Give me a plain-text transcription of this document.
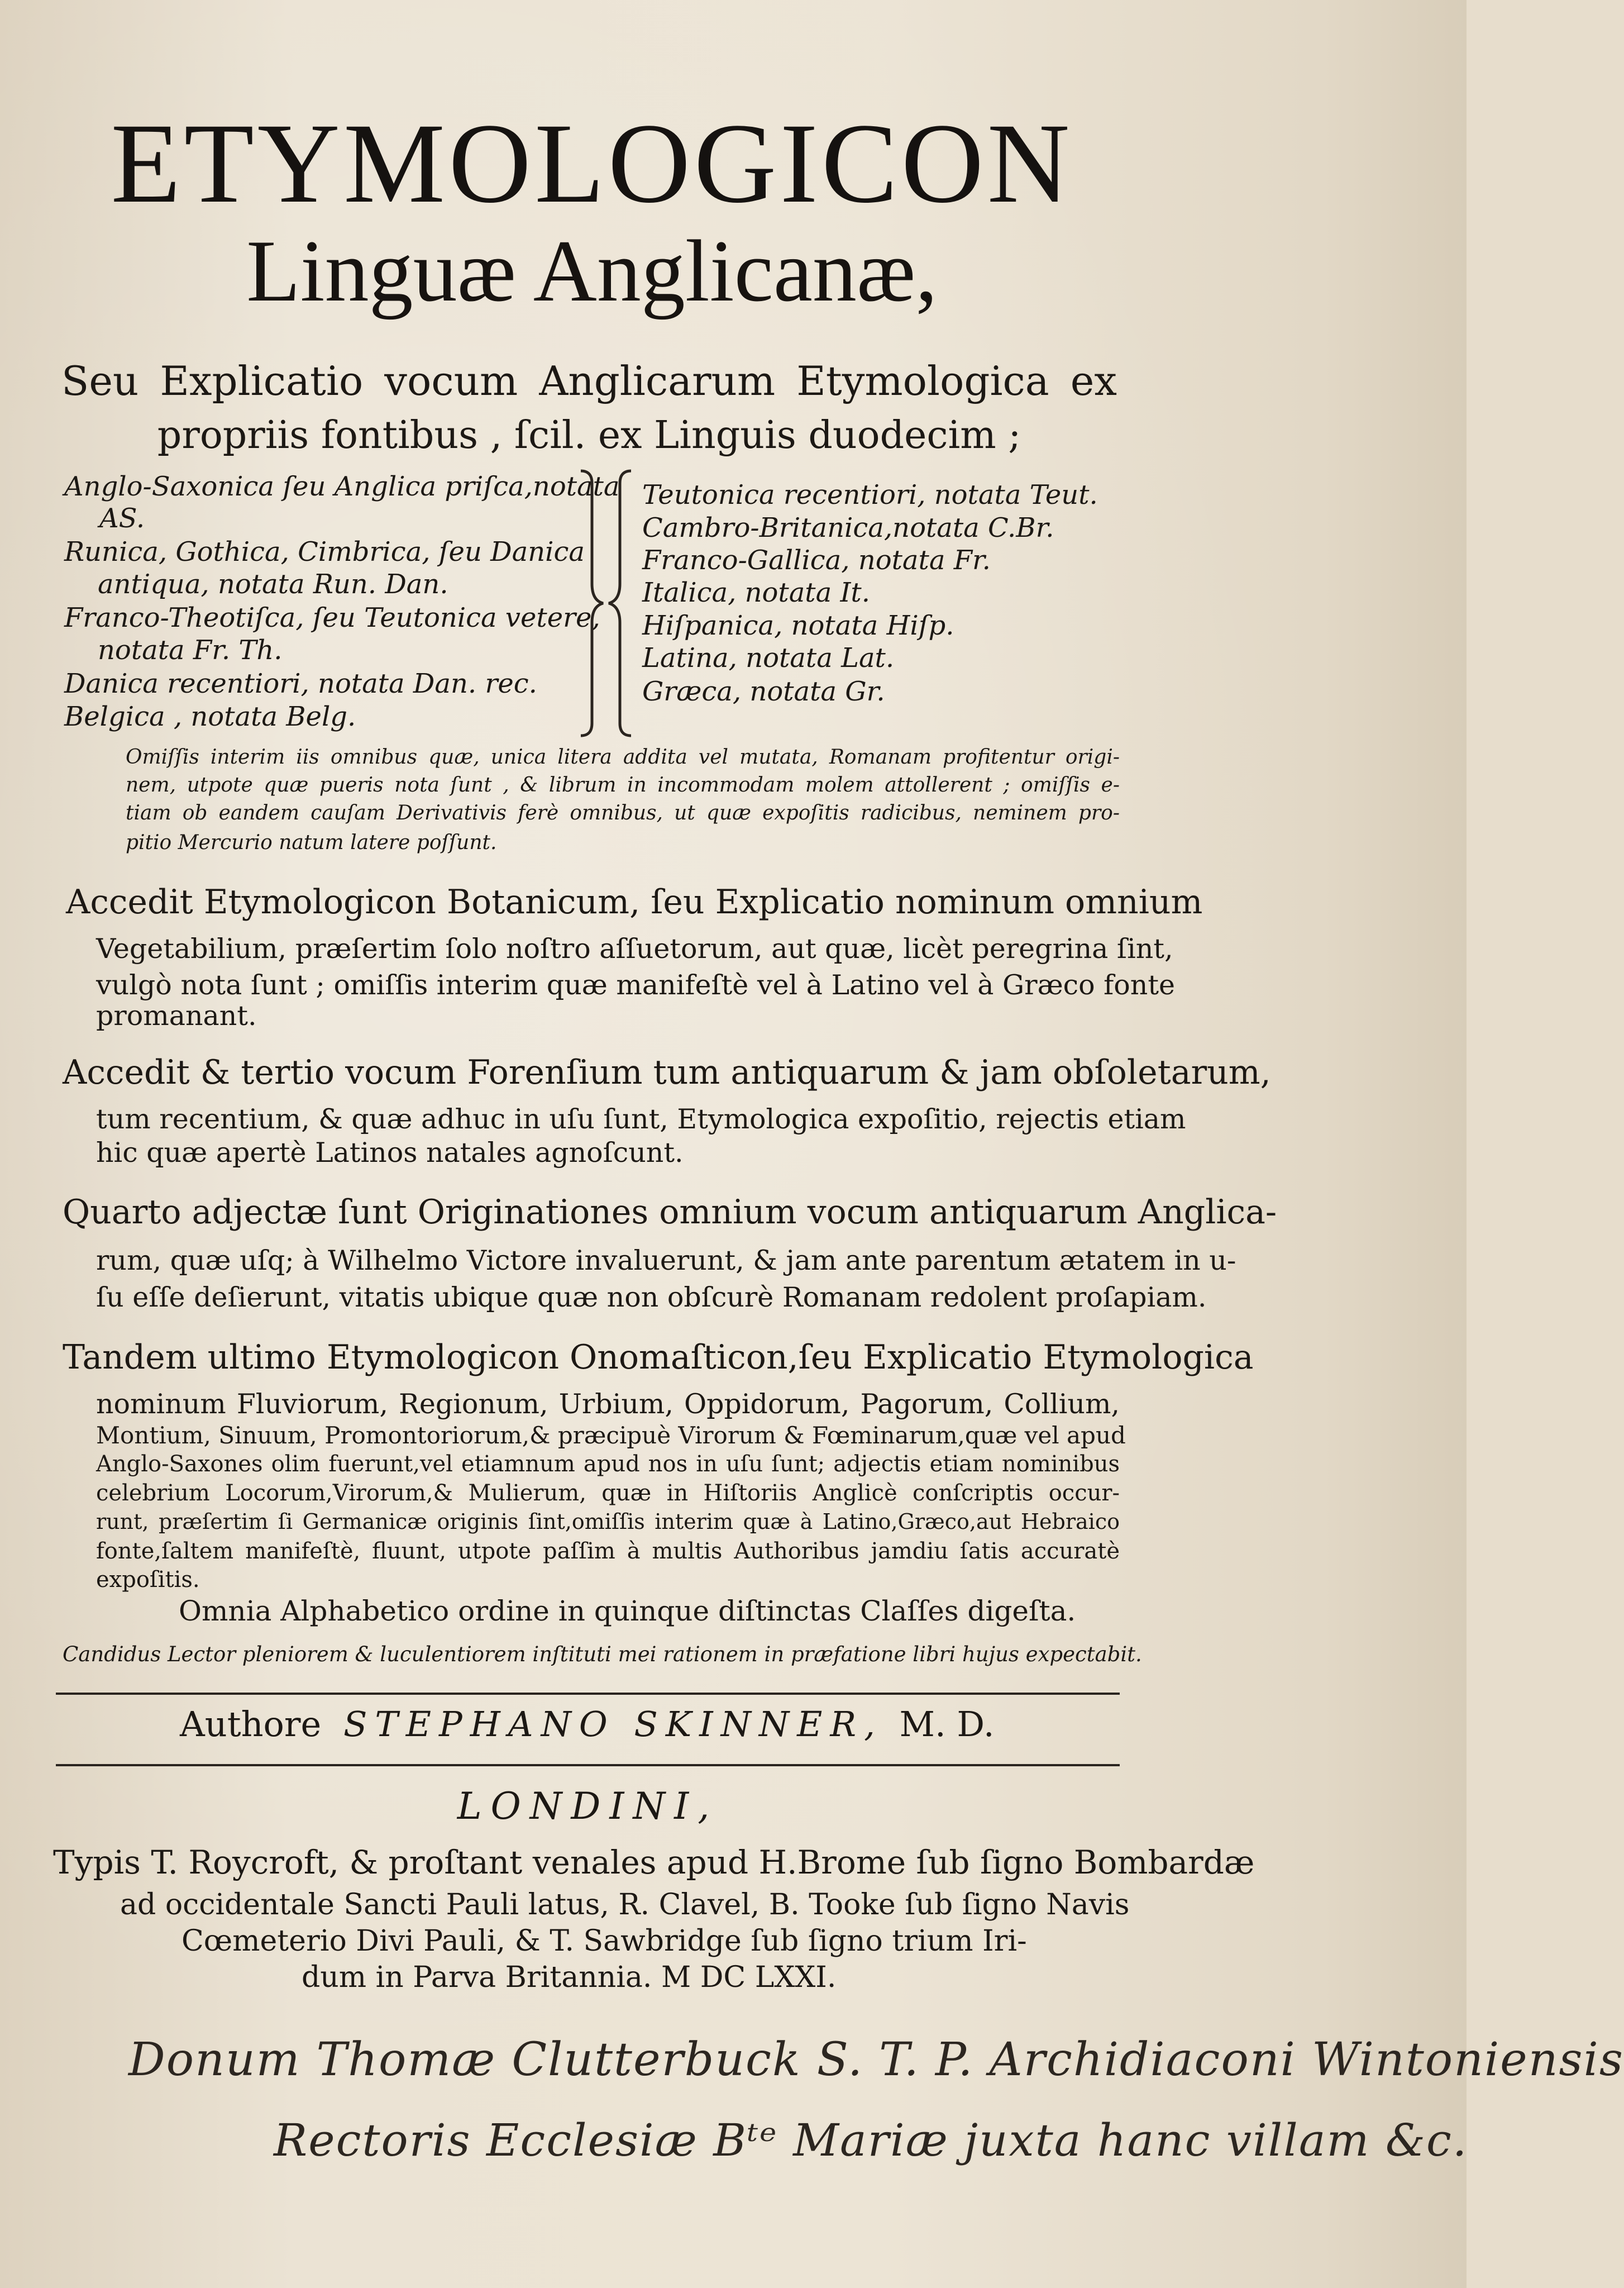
ETYMOLOGICON
Linguæ Anglicanæ,
Seu Explicatio vocum Anglicarum Etymologica ex
propriis fontibus , ſcil. ex Linguis duodecim ;
Anglo-Saxonica ſeu Anglica priſca,notata
AS.
Runica, Gothica, Cimbrica, ſeu Danica
antiqua, notata Run. Dan.
Franco-Theotiſca, ſeu Teutonica vetere,
notata Fr. Th.
Danica recentiori, notata Dan. rec.
Belgica , notata Belg.
Teutonica recentiori, notata Teut.
Cambro-Britanica,notata C.Br.
Franco-Gallica, notata Fr.
Italica, notata It.
Hiſpanica, notata Hiſp.
Latina, notata Lat.
Græca, notata Gr.
Omiſſis interim iis omnibus quæ, unica litera addita vel mutata, Romanam profitentur origi-
nem, utpote quæ pueris nota ſunt , & librum in incommodam molem attollerent ; omiſſis e-
tiam ob eandem cauſam Derivativis ferè omnibus, ut quæ expoſitis radicibus, neminem pro-
pitio Mercurio natum latere poſſunt.
Accedit Etymologicon Botanicum, ſeu Explicatio nominum omnium
Vegetabilium, præſertim ſolo noſtro aſſuetorum, aut quæ, licèt peregrina ſint,
vulgò nota ſunt ; omiſſis interim quæ manifeſtè vel à Latino vel à Græco fonte
promanant.
Accedit & tertio vocum Forenſium tum antiquarum & jam obſoletarum,
tum recentium, & quæ adhuc in uſu ſunt, Etymologica expoſitio, rejectis etiam
hic quæ apertè Latinos natales agnoſcunt.
Quarto adjectæ ſunt Originationes omnium vocum antiquarum Anglica-
rum, quæ uſq; à Wilhelmo Victore invaluerunt, & jam ante parentum ætatem in u-
ſu eſſe deſierunt, vitatis ubique quæ non obſcurè Romanam redolent proſapiam.
Tandem ultimo Etymologicon Onomaſticon,ſeu Explicatio Etymologica
nominum Fluviorum, Regionum, Urbium, Oppidorum, Pagorum, Collium,
Montium, Sinuum, Promontoriorum,& præcipuè Virorum & Fœminarum,quæ vel apud
Anglo-Saxones olim fuerunt,vel etiamnum apud nos in uſu ſunt; adjectis etiam nominibus
celebrium Locorum,Virorum,& Mulierum, quæ in Hiſtoriis Anglicè conſcriptis occur-
runt, præſertim ſi Germanicæ originis ſint,omiſſis interim quæ à Latino,Græco,aut Hebraico
fonte,ſaltem manifeſtè, fluunt, utpote paſſim à multis Authoribus jamdiu ſatis accuratè
expoſitis.
Omnia Alphabetico ordine in quinque diſtinctas Claſſes digeſta.
Candidus Lector pleniorem & luculentiorem inſtituti mei rationem in præfatione libri hujus expectabit.
Authore STEPHANO SKINNER, M. D.
LONDINI,
Typis T. Roycroft, & proſtant venales apud H.Brome ſub ſigno Bombardæ
ad occidentale Sancti Pauli latus, R. Clavel, B. Tooke ſub ſigno Navis
Cœmeterio Divi Pauli, & T. Sawbridge ſub ſigno trium Iri-
dum in Parva Britannia. M DC LXXI.
Donum Thomæ Clutterbuck S. T. P. Archidiaconi Wintoniensis
Rectoris Ecclesiæ Bᵗᵉ Mariæ juxta hanc villam &c.
